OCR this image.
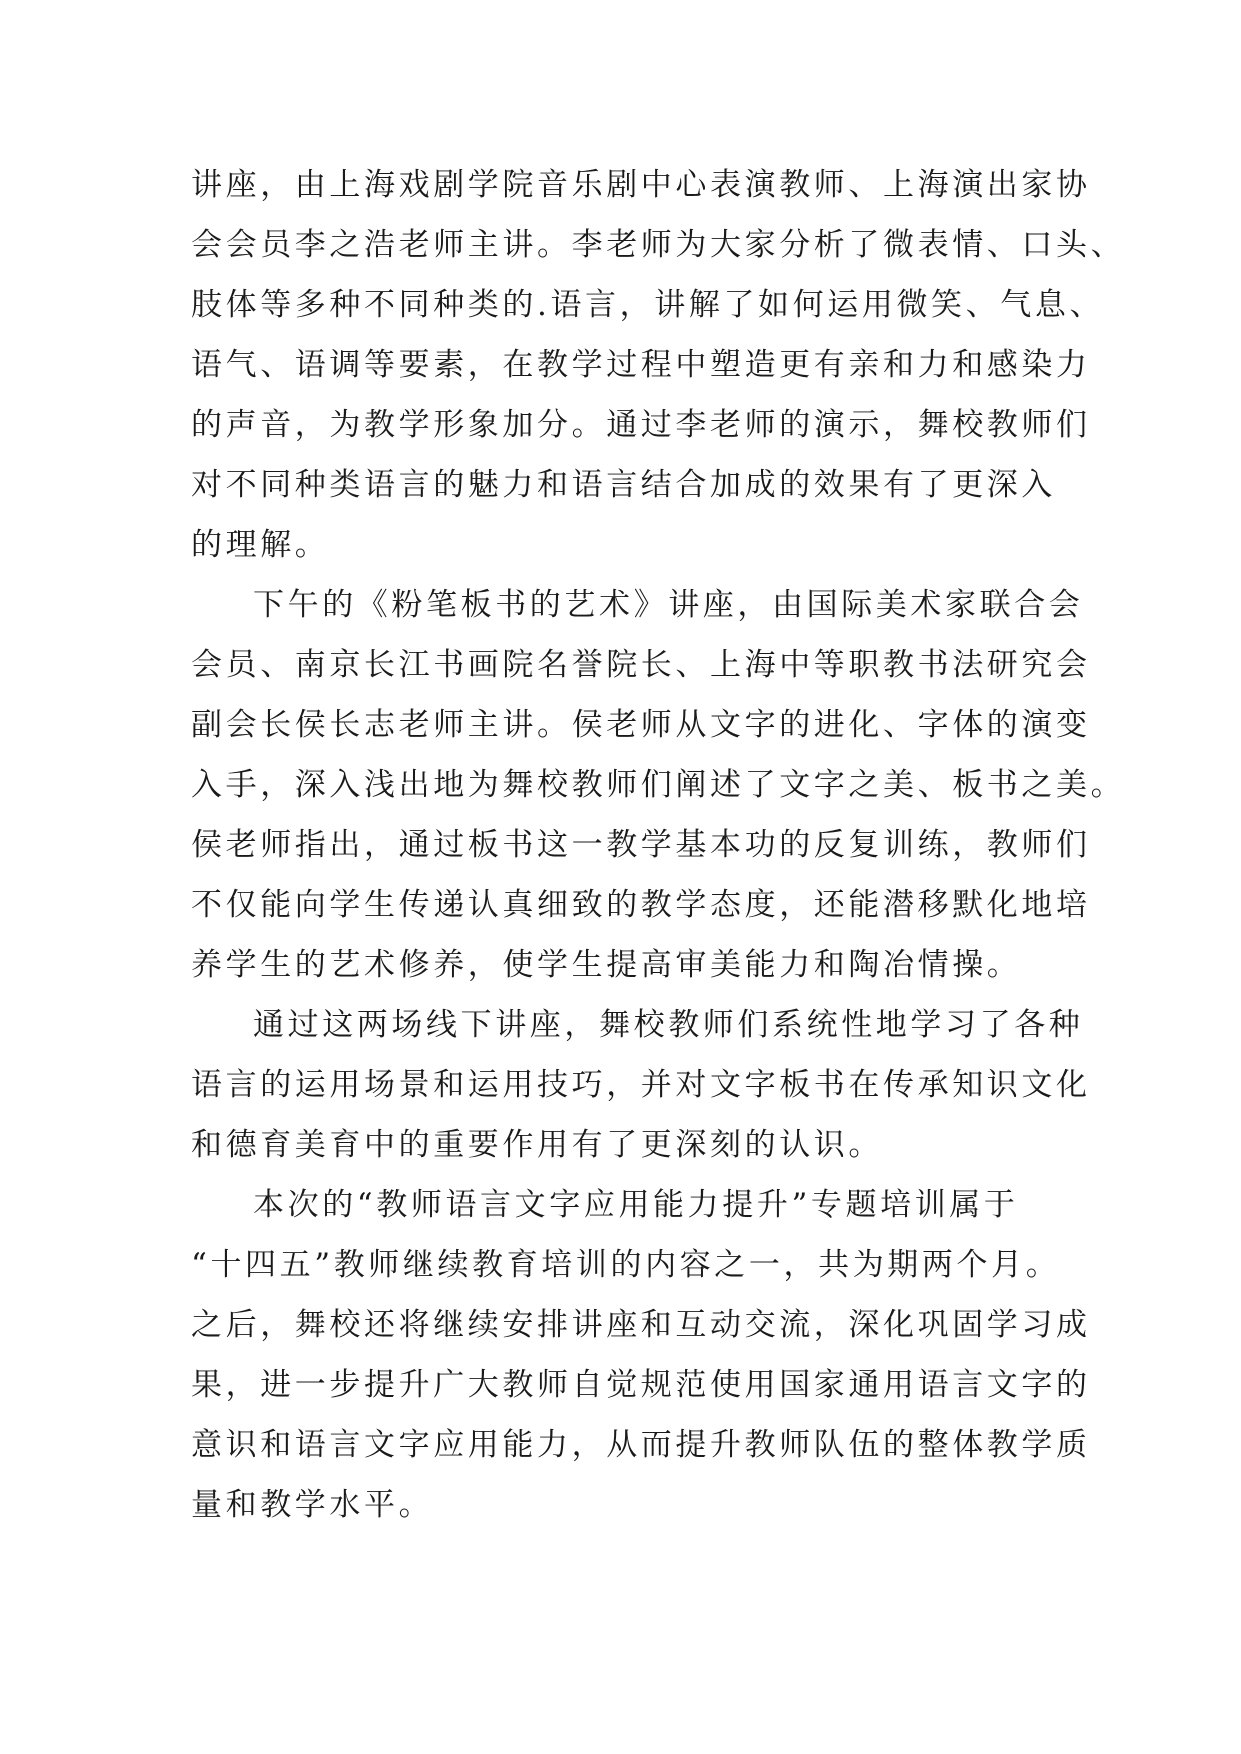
讲座，由上海戏剧学院音乐剧中心表演教师、上海演出家协
会会员李之浩老师主讲。李老师为大家分析了微表情、口头、
肢体等多种不同种类的.语言，讲解了如何运用微笑、气息、
语气、语调等要素，在教学过程中塑造更有亲和力和感染力
的声音，为教学形象加分。通过李老师的演示，舞校教师们
对不同种类语言的魅力和语言结合加成的效果有了更深入
的理解。

下午的《粉笔板书的艺术》讲座，由国际美术家联合会
会员、南京长江书画院名誉院长、上海中等职教书法研究会
副会长侯长志老师主讲。侯老师从文字的进化、字体的演变
入手，深入浅出地为舞校教师们阐述了文字之美、板书之美。
侯老师指出，通过板书这一教学基本功的反复训练，教师们
不仅能向学生传递认真细致的教学态度，还能潜移默化地培
养学生的艺术修养，使学生提高审美能力和陶冶情操。

通过这两场线下讲座，舞校教师们系统性地学习了各种
语言的运用场景和运用技巧，并对文字板书在传承知识文化
和德育美育中的重要作用有了更深刻的认识。

本次的“教师语言文字应用能力提升”专题培训属于
“十四五”教师继续教育培训的内容之一，共为期两个月。
之后，舞校还将继续安排讲座和互动交流，深化巩固学习成
果，进一步提升广大教师自觉规范使用国家通用语言文字的
意识和语言文字应用能力，从而提升教师队伍的整体教学质
量和教学水平。
